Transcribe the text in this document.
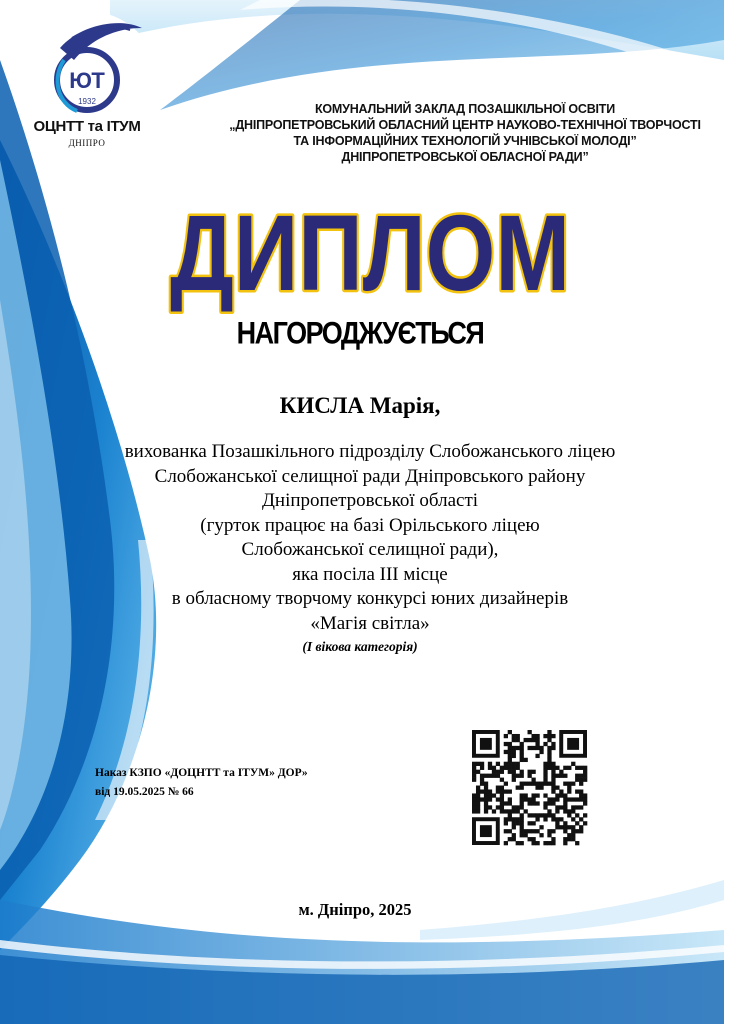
ЮТ
1932
ОЦНТТ та ІТУМ
ДНІПРО
КОМУНАЛЬНИЙ ЗАКЛАД ПОЗАШКІЛЬНОЇ ОСВІТИ
„ДНІПРОПЕТРОВСЬКИЙ ОБЛАСНИЙ ЦЕНТР НАУКОВО-ТЕХНІЧНОЇ ТВОРЧОСТІ
ТА ІНФОРМАЦІЙНИХ ТЕХНОЛОГІЙ УЧНІВСЬКОЇ МОЛОДІ”
ДНІПРОПЕТРОВСЬКОЇ ОБЛАСНОЇ РАДИ”
ДИПЛОМ
НАГОРОДЖУЄТЬСЯ
КИСЛА Марія,
вихованка Позашкільного підрозділу Слобожанського ліцею
Слобожанської селищної ради Дніпровського району
Дніпропетровської області
(гурток працює на базі Орільського ліцею
Слобожанської селищної ради),
яка посіла ІІІ місце
в обласному творчому конкурсі юних дизайнерів
«Магія світла»
(І вікова категорія)
Наказ КЗПО «ДОЦНТТ та ІТУМ» ДОР»
від 19.05.2025 № 66
м. Дніпро, 2025
